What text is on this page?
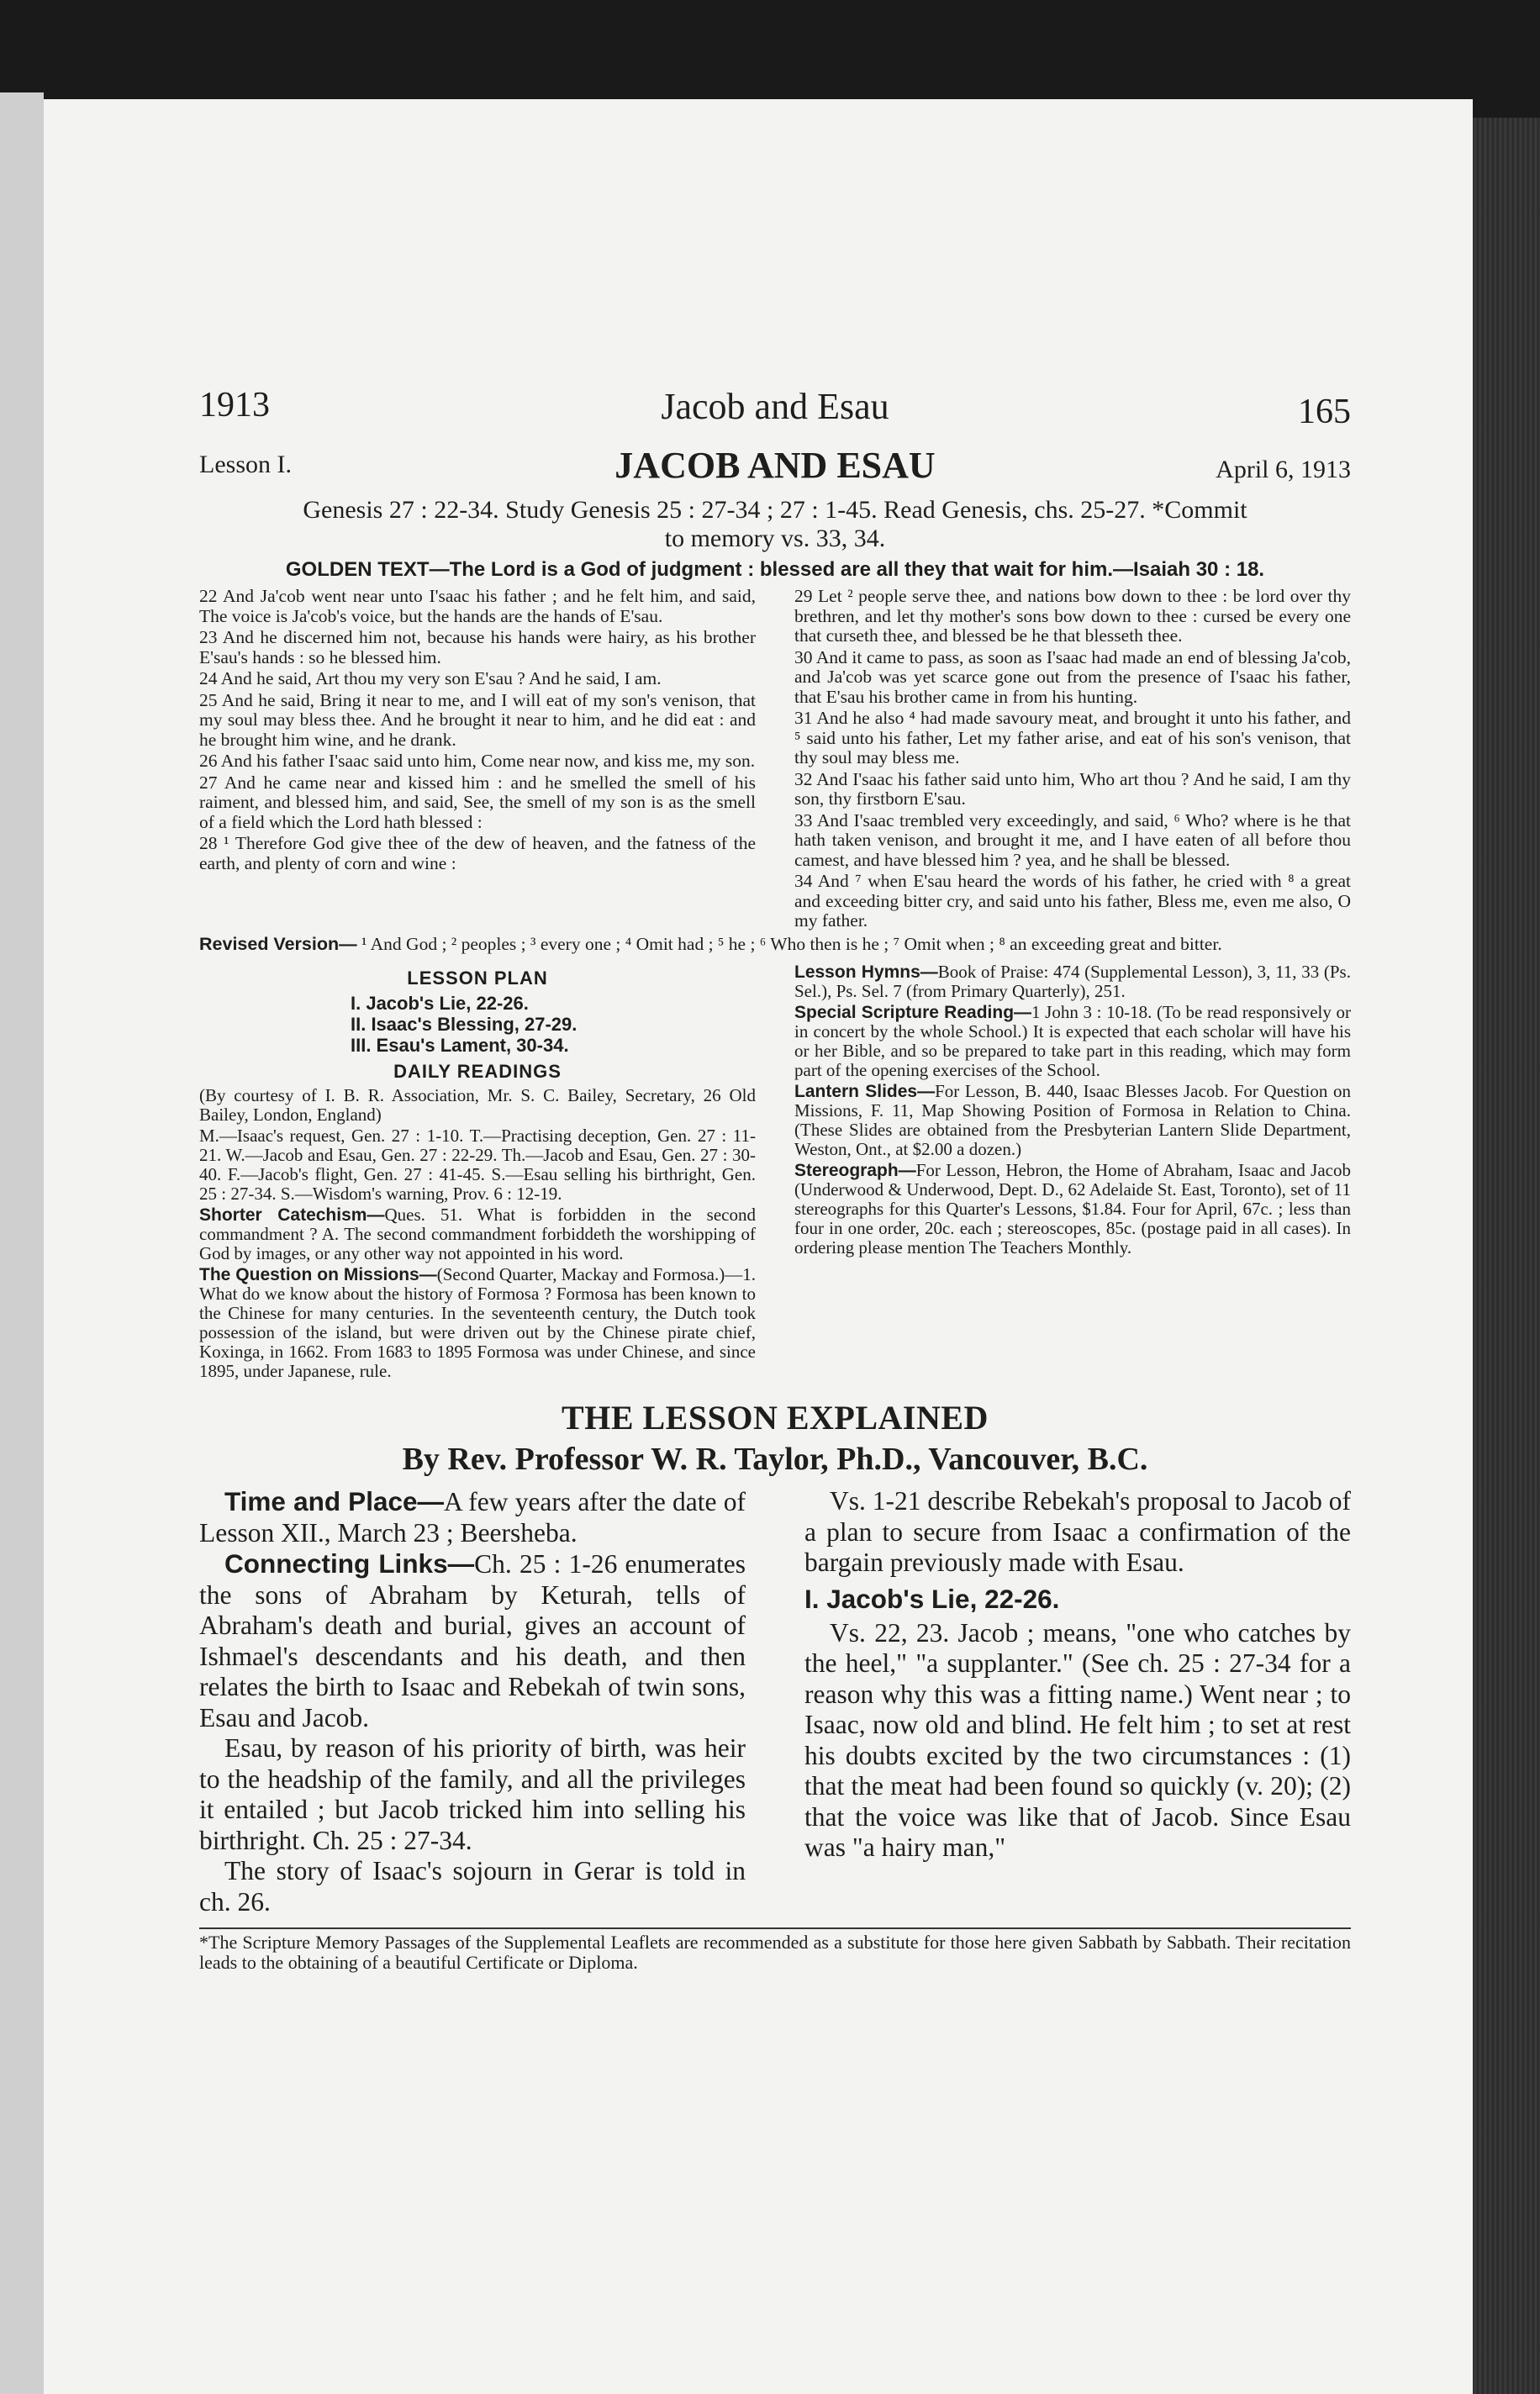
1913	Jacob and Esau	165
Lesson I.	JACOB AND ESAU	April 6, 1913
Genesis 27 : 22-34. Study Genesis 25 : 27-34 ; 27 : 1-45. Read Genesis, chs. 25-27. *Commit
to memory vs. 33, 34.
GOLDEN TEXT—The Lord is a God of judgment : blessed are all they that wait for him.—Isaiah 30 : 18.

22 And Ja'cob went near unto I'saac his father ; and he felt him, and said, The voice is Ja'cob's voice, but the hands are the hands of E'sau.

23 And he discerned him not, because his hands were hairy, as his brother E'sau's hands : so he blessed him.

24 And he said, Art thou my very son E'sau ? And he said, I am.

25 And he said, Bring it near to me, and I will eat of my son's venison, that my soul may bless thee. And he brought it near to him, and he did eat : and he brought him wine, and he drank.

26 And his father I'saac said unto him, Come near now, and kiss me, my son.

27 And he came near and kissed him : and he smelled the smell of his raiment, and blessed him, and said, See, the smell of my son is as the smell of a field which the Lord hath blessed :

28 ¹ Therefore God give thee of the dew of heaven, and the fatness of the earth, and plenty of corn and wine :

29 Let ² people serve thee, and nations bow down to thee : be lord over thy brethren, and let thy mother's sons bow down to thee : cursed be every one that curseth thee, and blessed be he that blesseth thee.

30 And it came to pass, as soon as I'saac had made an end of blessing Ja'cob, and Ja'cob was yet scarce gone out from the presence of I'saac his father, that E'sau his brother came in from his hunting.

31 And he also ⁴ had made savoury meat, and brought it unto his father, and ⁵ said unto his father, Let my father arise, and eat of his son's venison, that thy soul may bless me.

32 And I'saac his father said unto him, Who art thou ? And he said, I am thy son, thy firstborn E'sau.

33 And I'saac trembled very exceedingly, and said, ⁶ Who? where is he that hath taken venison, and brought it me, and I have eaten of all before thou camest, and have blessed him ? yea, and he shall be blessed.

34 And ⁷ when E'sau heard the words of his father, he cried with ⁸ a great and exceeding bitter cry, and said unto his father, Bless me, even me also, O my father.

Revised Version— ¹ And God ; ² peoples ; ³ every one ; ⁴ Omit had ; ⁵ he ; ⁶ Who then is he ; ⁷ Omit when ; ⁸ an exceeding great and bitter.

LESSON PLAN
I. Jacob's Lie, 22-26.
II. Isaac's Blessing, 27-29.
III. Esau's Lament, 30-34.
DAILY READINGS

(By courtesy of I. B. R. Association, Mr. S. C. Bailey, Secretary, 26 Old Bailey, London, England)

M.—Isaac's request, Gen. 27 : 1-10. T.—Practising deception, Gen. 27 : 11-21. W.—Jacob and Esau, Gen. 27 : 22-29. Th.—Jacob and Esau, Gen. 27 : 30-40. F.—Jacob's flight, Gen. 27 : 41-45. S.—Esau selling his birthright, Gen. 25 : 27-34. S.—Wisdom's warning, Prov. 6 : 12-19.

Shorter Catechism—Ques. 51. What is forbidden in the second commandment ? A. The second commandment forbiddeth the worshipping of God by images, or any other way not appointed in his word.

The Question on Missions—(Second Quarter, Mackay and Formosa.)—1. What do we know about the history of Formosa ? Formosa has been known to the Chinese for many centuries. In the seventeenth century, the Dutch took possession of the island, but were driven out by the Chinese pirate chief, Koxinga, in 1662. From 1683 to 1895 Formosa was under Chinese, and since 1895, under Japanese, rule.

Lesson Hymns—Book of Praise: 474 (Supplemental Lesson), 3, 11, 33 (Ps. Sel.), Ps. Sel. 7 (from Primary Quarterly), 251.

Special Scripture Reading—1 John 3 : 10-18. (To be read responsively or in concert by the whole School.) It is expected that each scholar will have his or her Bible, and so be prepared to take part in this reading, which may form part of the opening exercises of the School.

Lantern Slides—For Lesson, B. 440, Isaac Blesses Jacob. For Question on Missions, F. 11, Map Showing Position of Formosa in Relation to China. (These Slides are obtained from the Presbyterian Lantern Slide Department, Weston, Ont., at $2.00 a dozen.)

Stereograph—For Lesson, Hebron, the Home of Abraham, Isaac and Jacob (Underwood & Underwood, Dept. D., 62 Adelaide St. East, Toronto), set of 11 stereographs for this Quarter's Lessons, $1.84. Four for April, 67c. ; less than four in one order, 20c. each ; stereoscopes, 85c. (postage paid in all cases). In ordering please mention The Teachers Monthly.

THE LESSON EXPLAINED
By Rev. Professor W. R. Taylor, Ph.D., Vancouver, B.C.

Time and Place—A few years after the date of Lesson XII., March 23 ; Beersheba.

Connecting Links—Ch. 25 : 1-26 enumerates the sons of Abraham by Keturah, tells of Abraham's death and burial, gives an account of Ishmael's descendants and his death, and then relates the birth to Isaac and Rebekah of twin sons, Esau and Jacob.

Esau, by reason of his priority of birth, was heir to the headship of the family, and all the privileges it entailed ; but Jacob tricked him into selling his birthright. Ch. 25 : 27-34.

The story of Isaac's sojourn in Gerar is told in ch. 26.

Vs. 1-21 describe Rebekah's proposal to Jacob of a plan to secure from Isaac a confirmation of the bargain previously made with Esau.

I. Jacob's Lie, 22-26.

Vs. 22, 23. Jacob ; means, "one who catches by the heel," "a supplanter." (See ch. 25 : 27-34 for a reason why this was a fitting name.) Went near ; to Isaac, now old and blind. He felt him ; to set at rest his doubts excited by the two circumstances : (1) that the meat had been found so quickly (v. 20); (2) that the voice was like that of Jacob. Since Esau was "a hairy man,"

*The Scripture Memory Passages of the Supplemental Leaflets are recommended as a substitute for those here given Sabbath by Sabbath. Their recitation leads to the obtaining of a beautiful Certificate or Diploma.
